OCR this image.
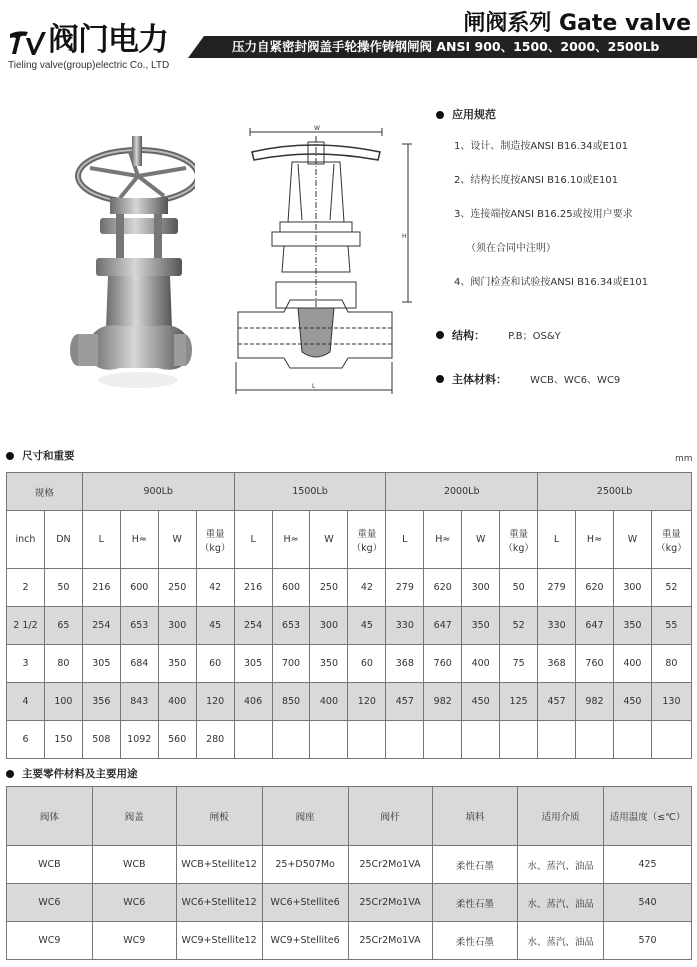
TV 阀门电力
Tieling valve(group)electric Co., LTD
闸阀系列 Gate valve
压力自紧密封阀盖手轮操作铸钢闸阀 ANSI 900、1500、2000、2500Lb
W
H
L
应用规范
1、设计、制造按ANSI B16.34或E101
2、结构长度按ANSI B16.10或E101
3、连接端按ANSI B16.25或按用户要求
（须在合同中注明）
4、阀门检查和试验按ANSI B16.34或E101
结构： P.B；OS&Y
主体材料： WCB、WC6、WC9
尺寸和重要	mm
规格		900Lb				1500Lb				2000Lb				2500Lb			
inch	DN	L	H≈	W	重量（kg）	L	H≈	W	重量（kg）	L	H≈	W	重量（kg）	L	H≈	W	重量（kg）
2	50	216	600	250	42	216	600	250	42	279	620	300	50	279	620	300	52
2 1/2	65	254	653	300	45	254	653	300	45	330	647	350	52	330	647	350	55
3	80	305	684	350	60	305	700	350	60	368	760	400	75	368	760	400	80
4	100	356	843	400	120	406	850	400	120	457	982	450	125	457	982	450	130
6	150	508	1092	560	280												
主要零件材料及主要用途
阀体	阀盖	闸板	阀座	阀杆	填料	适用介质	适用温度（≤℃）
WCB	WCB	WCB+Stellite12	25+D507Mo	25Cr2Mo1VA	柔性石墨	水、蒸汽、油品	425
WC6	WC6	WC6+Stellite12	WC6+Stellite6	25Cr2Mo1VA	柔性石墨	水、蒸汽、油品	540
WC9	WC9	WC9+Stellite12	WC9+Stellite6	25Cr2Mo1VA	柔性石墨	水、蒸汽、油品	570
